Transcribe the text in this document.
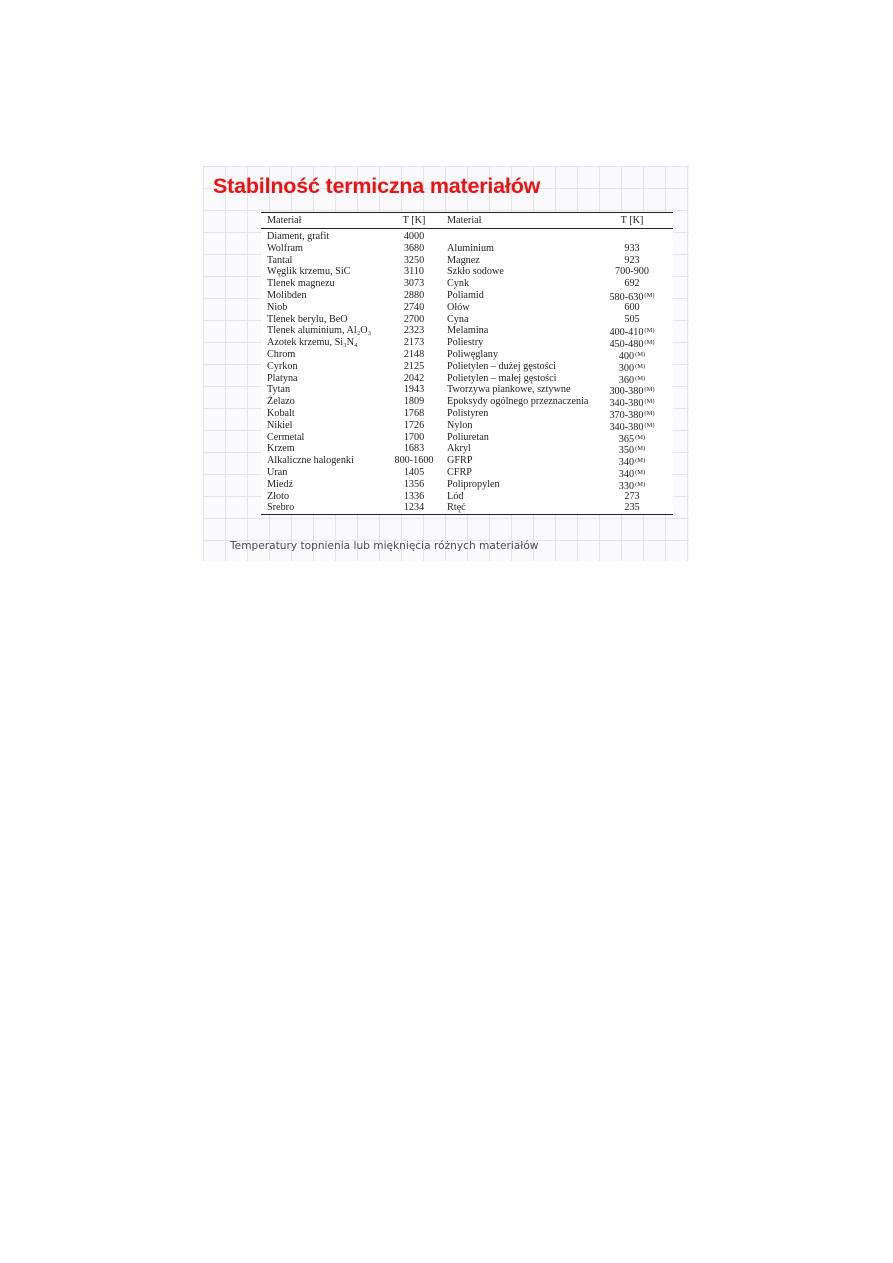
Stabilność termiczna materiałów
Materiał	T [K]	Materiał	T [K]
Diament, grafit	4000
Wolfram	3680	Aluminium	933
Tantal	3250	Magnez	923
Węglik krzemu, SiC	3110	Szkło sodowe	700-900
Tlenek magnezu	3073	Cynk	692
Molibden	2880	Poliamid	$580-630^{(M)}$
Niob	2740	Ołów	600
Tlenek berylu, BeO	2700	Cyna	505
Tlenek aluminium, Al₂O₃	2323	Melamina	$400-410^{(M)}$
Azotek krzemu, Si₃N₄	2173	Poliestry	$450-480^{(M)}$
Chrom	2148	Poliwęglany	$400^{(M)}$
Cyrkon	2125	Polietylen – dużej gęstości	$300^{(M)}$
Platyna	2042	Polietylen – małej gęstości	$360^{(M)}$
Tytan	1943	Tworzywa piankowe, sztywne	$300-380^{(M)}$
Żelazo	1809	Epoksydy ogólnego przeznaczenia	$340-380^{(M)}$
Kobalt	1768	Polistyren	$370-380^{(M)}$
Nikiel	1726	Nylon	$340-380^{(M)}$
Cermetal	1700	Poliuretan	$365^{(M)}$
Krzem	1683	Akryl	$350^{(M)}$
Alkaliczne halogenki	800-1600	GFRP	$340^{(M)}$
Uran	1405	CFRP	$340^{(M)}$
Miedź	1356	Polipropylen	$330^{(M)}$
Złoto	1336	Lód	273
Srebro	1234	Rtęć	235

Temperatury topnienia lub mięknięcia różnych materiałów
